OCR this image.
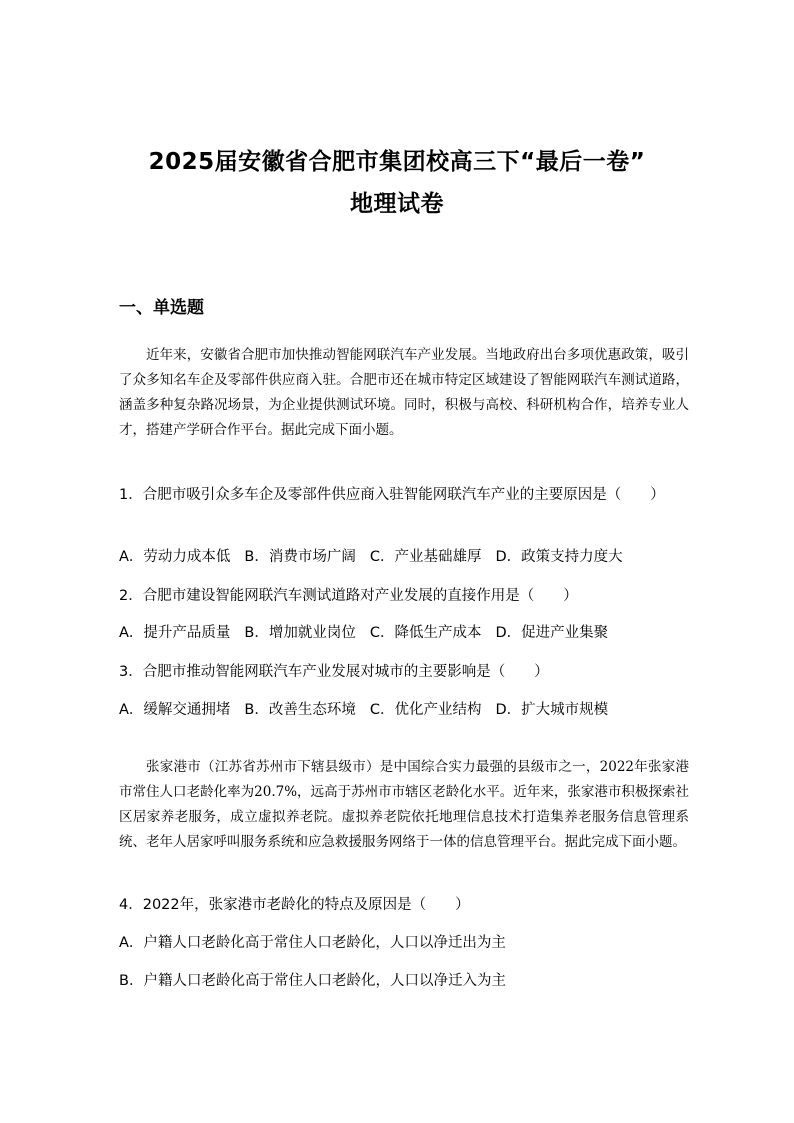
2025届安徽省合肥市集团校高三下“最后一卷”
地理试卷
一、单选题
近年来，安徽省合肥市加快推动智能网联汽车产业发展。当地政府出台多项优惠政策，吸引了众多知名车企及零部件供应商入驻。合肥市还在城市特定区域建设了智能网联汽车测试道路，涵盖多种复杂路况场景，为企业提供测试环境。同时，积极与高校、科研机构合作，培养专业人才，搭建产学研合作平台。据此完成下面小题。
1．合肥市吸引众多车企及零部件供应商入驻智能网联汽车产业的主要原因是（　　）
A．劳动力成本低 B．消费市场广阔 C．产业基础雄厚 D．政策支持力度大
2．合肥市建设智能网联汽车测试道路对产业发展的直接作用是（　　）
A．提升产品质量 B．增加就业岗位 C．降低生产成本 D．促进产业集聚
3．合肥市推动智能网联汽车产业发展对城市的主要影响是（　　）
A．缓解交通拥堵 B．改善生态环境 C．优化产业结构 D．扩大城市规模
张家港市（江苏省苏州市下辖县级市）是中国综合实力最强的县级市之一，2022年张家港市常住人口老龄化率为20.7%，远高于苏州市市辖区老龄化水平。近年来，张家港市积极探索社区居家养老服务，成立虚拟养老院。虚拟养老院依托地理信息技术打造集养老服务信息管理系统、老年人居家呼叫服务系统和应急救援服务网络于一体的信息管理平台。据此完成下面小题。
4．2022年，张家港市老龄化的特点及原因是（　　）
A．户籍人口老龄化高于常住人口老龄化，人口以净迁出为主
B．户籍人口老龄化高于常住人口老龄化，人口以净迁入为主
